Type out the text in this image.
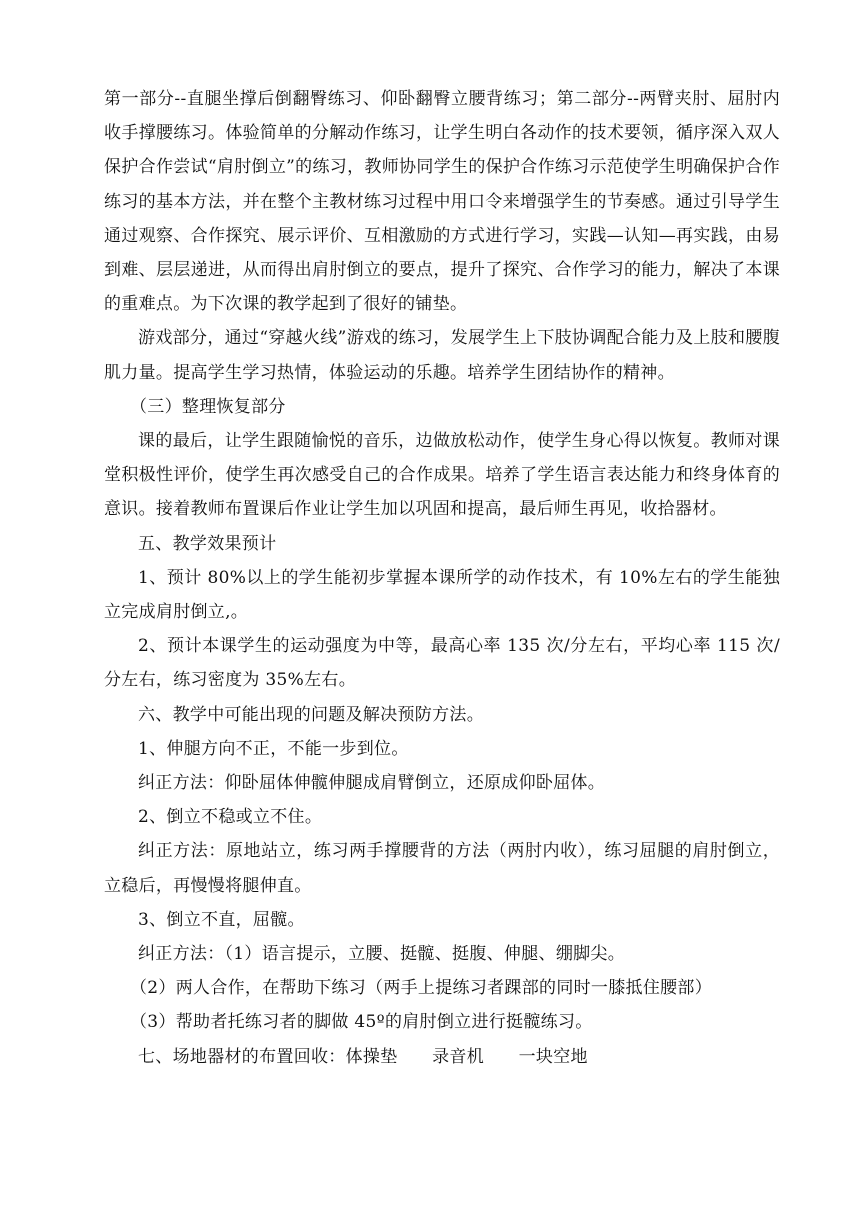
第一部分--直腿坐撑后倒翻臀练习、仰卧翻臀立腰背练习；第二部分--两臂夹肘、屈肘内收手撑腰练习。体验简单的分解动作练习，让学生明白各动作的技术要领，循序深入双人保护合作尝试“肩肘倒立”的练习，教师协同学生的保护合作练习示范使学生明确保护合作练习的基本方法，并在整个主教材练习过程中用口令来增强学生的节奏感。通过引导学生通过观察、合作探究、展示评价、互相激励的方式进行学习，实践—认知—再实践，由易到难、层层递进，从而得出肩肘倒立的要点，提升了探究、合作学习的能力，解决了本课的重难点。为下次课的教学起到了很好的铺垫。

游戏部分，通过“穿越火线”游戏的练习，发展学生上下肢协调配合能力及上肢和腰腹肌力量。提高学生学习热情，体验运动的乐趣。培养学生团结协作的精神。

（三）整理恢复部分

课的最后，让学生跟随愉悦的音乐，边做放松动作，使学生身心得以恢复。教师对课堂积极性评价，使学生再次感受自己的合作成果。培养了学生语言表达能力和终身体育的意识。接着教师布置课后作业让学生加以巩固和提高，最后师生再见，收拾器材。

五、教学效果预计

1、预计 80%以上的学生能初步掌握本课所学的动作技术，有 10%左右的学生能独立完成肩肘倒立,。

2、预计本课学生的运动强度为中等，最高心率 135 次/分左右，平均心率 115 次/分左右，练习密度为 35%左右。

六、教学中可能出现的问题及解决预防方法。

1、伸腿方向不正，不能一步到位。

纠正方法：仰卧屈体伸髋伸腿成肩臂倒立，还原成仰卧屈体。

2、倒立不稳或立不住。

纠正方法：原地站立，练习两手撑腰背的方法（两肘内收），练习屈腿的肩肘倒立，立稳后，再慢慢将腿伸直。

3、倒立不直，屈髋。

纠正方法：（1）语言提示，立腰、挺髋、挺腹、伸腿、绷脚尖。

（2）两人合作，在帮助下练习（两手上提练习者踝部的同时一膝抵住腰部）

（3）帮助者托练习者的脚做 45º的肩肘倒立进行挺髋练习。

七、场地器材的布置回收：体操垫　　录音机　　一块空地
